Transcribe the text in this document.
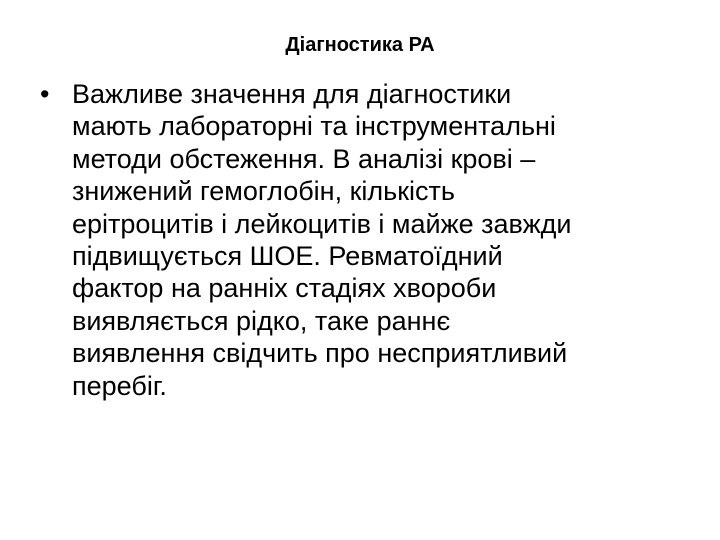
Діагностика РА
• Важливе значення для діагностики
мають лабораторні та інструментальні
методи обстеження. В аналізі крові –
знижений гемоглобін, кількість
ерітроцитів і лейкоцитів і майже завжди
підвищується ШОЕ. Ревматоїдний
фактор на ранніх стадіях хвороби
виявляється рідко, таке раннє
виявлення свідчить про несприятливий
перебіг.
